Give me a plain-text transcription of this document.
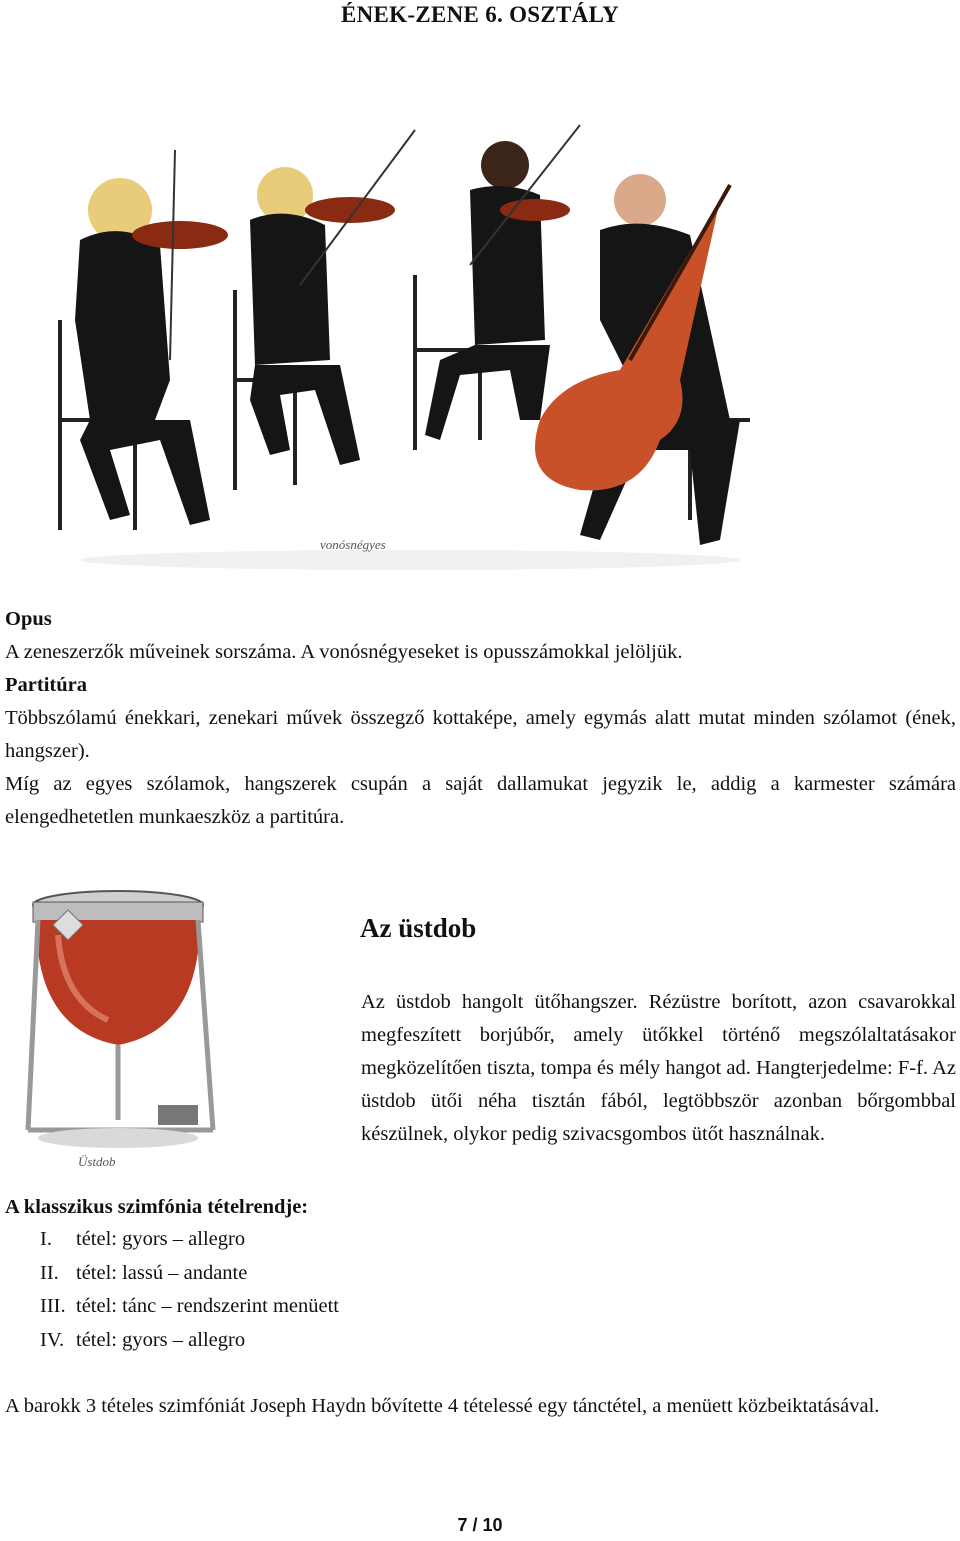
ÉNEK-ZENE 6. OSZTÁLY
vonósnégyes
Opus
A zeneszerzők műveinek sorszáma. A vonósnégyeseket is opusszámokkal jelöljük.
Partitúra
Többszólamú énekkari, zenekari művek összegző kottaképe, amely egymás alatt mutat minden szólamot (ének, hangszer).
Míg az egyes szólamok, hangszerek csupán a saját dallamukat jegyzik le, addig a karmester számára elengedhetetlen munkaeszköz a partitúra.
Üstdob
Az üstdob
Az üstdob hangolt ütőhangszer. Rézüstre borított, azon csavarokkal megfeszített borjúbőr, amely ütőkkel történő megszólaltatásakor megközelítően tiszta, tompa és mély hangot ad. Hangterjedelme: F-f. Az üstdob ütői néha tisztán fából, legtöbbször azonban bőrgombbal készülnek, olykor pedig szivacsgombos ütőt használnak.
A klasszikus szimfónia tételrendje:
I. tétel: gyors – allegro
II. tétel: lassú – andante
III. tétel: tánc – rendszerint menüett
IV. tétel: gyors – allegro
A barokk 3 tételes szimfóniát Joseph Haydn bővítette 4 tételessé egy tánctétel, a menüett közbeiktatásával.
7 / 10
